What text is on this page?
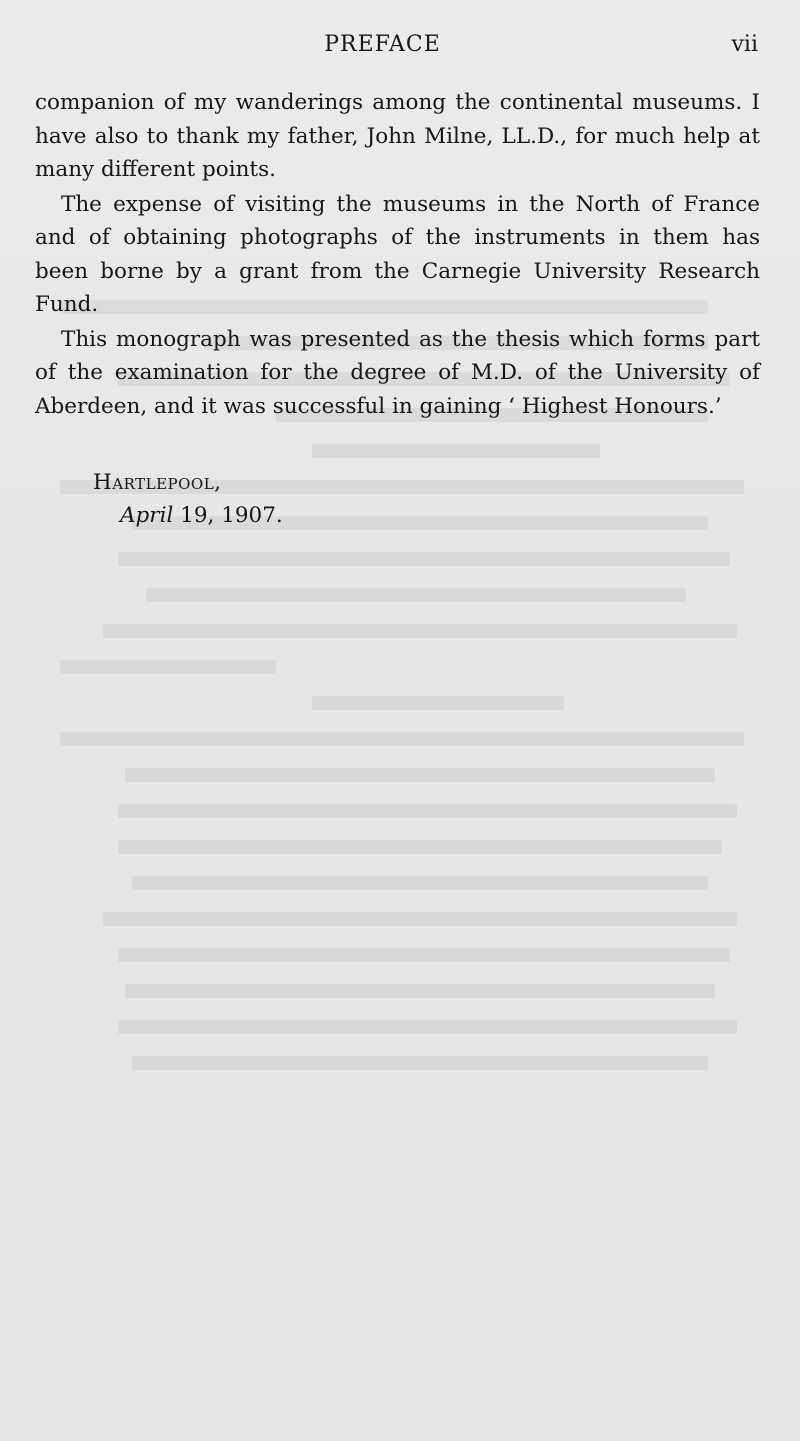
PREFACE	vii

companion of my wanderings among the continental museums. I have also to thank my father, John Milne, LL.D., for much help at many different points.

The expense of visiting the museums in the North of France and of obtaining photographs of the instruments in them has been borne by a grant from the Carnegie University Research Fund.

This monograph was presented as the thesis which forms part of the examination for the degree of M.D. of the University of Aberdeen, and it was successful in gaining ‘ Highest Honours.’

Hartlepool,
April 19, 1907.
